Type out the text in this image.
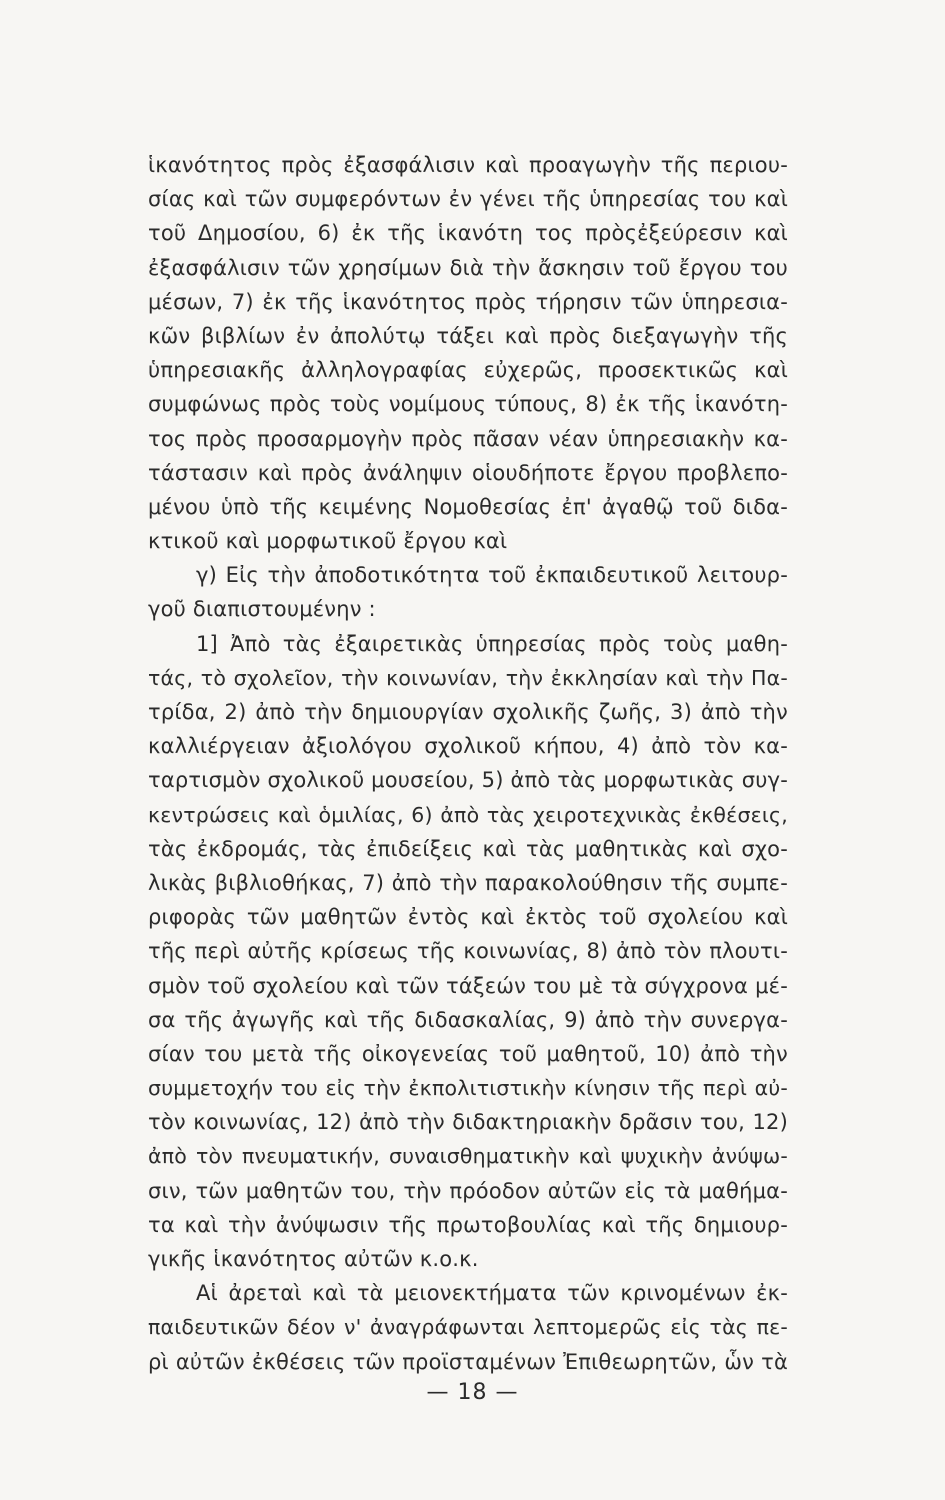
ἱκανότητος πρὸς ἐξασφάλισιν καὶ προαγωγὴν τῆς περιου-
σίας καὶ τῶν συμφερόντων ἐν γένει τῆς ὑπηρεσίας του καὶ
τοῦ Δημοσίου, 6) ἐκ τῆς ἱκανότη τος πρὸςἐξεύρεσιν καὶ
ἐξασφάλισιν τῶν χρησίμων διὰ τὴν ἄσκησιν τοῦ ἔργου του
μέσων, 7) ἐκ τῆς ἱκανότητος πρὸς τήρησιν τῶν ὑπηρεσια-
κῶν βιβλίων ἐν ἀπολύτῳ τάξει καὶ πρὸς διεξαγωγὴν τῆς
ὑπηρεσιακῆς ἀλληλογραφίας εὐχερῶς, προσεκτικῶς καὶ
συμφώνως πρὸς τοὺς νομίμους τύπους, 8) ἐκ τῆς ἱκανότη-
τος πρὸς προσαρμογὴν πρὸς πᾶσαν νέαν ὑπηρεσιακὴν κα-
τάστασιν καὶ πρὸς ἀνάληψιν οἱουδήποτε ἔργου προβλεπο-
μένου ὑπὸ τῆς κειμένης Νομοθεσίας ἐπ' ἀγαθῷ τοῦ διδα-
κτικοῦ καὶ μορφωτικοῦ ἔργου καὶ
γ) Εἰς τὴν ἀποδοτικότητα τοῦ ἐκπαιδευτικοῦ λειτουρ-
γοῦ διαπιστουμένην :
1] Ἀπὸ τὰς ἐξαιρετικὰς ὑπηρεσίας πρὸς τοὺς μαθη-
τάς, τὸ σχολεῖον, τὴν κοινωνίαν, τὴν ἐκκλησίαν καὶ τὴν Πα-
τρίδα, 2) ἀπὸ τὴν δημιουργίαν σχολικῆς ζωῆς, 3) ἀπὸ τὴν
καλλιέργειαν ἀξιολόγου σχολικοῦ κήπου, 4) ἀπὸ τὸν κα-
ταρτισμὸν σχολικοῦ μουσείου, 5) ἀπὸ τὰς μορφωτικὰς συγ-
κεντρώσεις καὶ ὁμιλίας, 6) ἀπὸ τὰς χειροτεχνικὰς ἐκθέσεις,
τὰς ἐκδρομάς, τὰς ἐπιδείξεις καὶ τὰς μαθητικὰς καὶ σχο-
λικὰς βιβλιοθήκας, 7) ἀπὸ τὴν παρακολούθησιν τῆς συμπε-
ριφορὰς τῶν μαθητῶν ἐντὸς καὶ ἐκτὸς τοῦ σχολείου καὶ
τῆς περὶ αὐτῆς κρίσεως τῆς κοινωνίας, 8) ἀπὸ τὸν πλουτι-
σμὸν τοῦ σχολείου καὶ τῶν τάξεών του μὲ τὰ σύγχρονα μέ-
σα τῆς ἀγωγῆς καὶ τῆς διδασκαλίας, 9) ἀπὸ τὴν συνεργα-
σίαν του μετὰ τῆς οἰκογενείας τοῦ μαθητοῦ, 10) ἀπὸ τὴν
συμμετοχήν του εἰς τὴν ἐκπολιτιστικὴν κίνησιν τῆς περὶ αὐ-
τὸν κοινωνίας, 12) ἀπὸ τὴν διδακτηριακὴν δρᾶσιν του, 12)
ἀπὸ τὸν πνευματικήν, συναισθηματικὴν καὶ ψυχικὴν ἀνύψω-
σιν, τῶν μαθητῶν του, τὴν πρόοδον αὐτῶν εἰς τὰ μαθήμα-
τα καὶ τὴν ἀνύψωσιν τῆς πρωτοβουλίας καὶ τῆς δημιουρ-
γικῆς ἱκανότητος αὐτῶν κ.ο.κ.
Αἱ ἀρεταὶ καὶ τὰ μειονεκτήματα τῶν κρινομένων ἐκ-
παιδευτικῶν δέον ν' ἀναγράφωνται λεπτομερῶς εἰς τὰς πε-
ρὶ αὐτῶν ἐκθέσεις τῶν προϊσταμένων Ἐπιθεωρητῶν, ὧν τὰ
— 18 —
